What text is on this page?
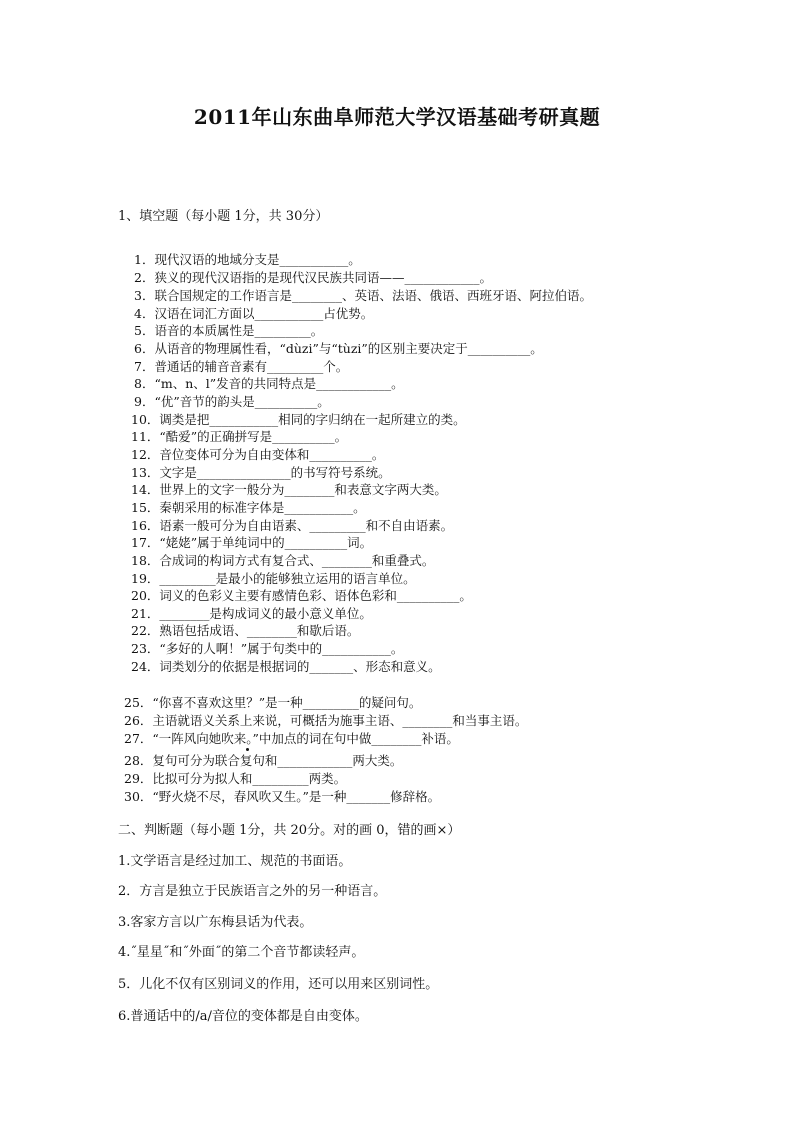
2011年山东曲阜师范大学汉语基础考研真题
1、填空题（每小题 1分，共 30分）
1．现代汉语的地域分支是___________。
2．狭义的现代汉语指的是现代汉民族共同语——____________。
3．联合国规定的工作语言是________、英语、法语、俄语、西班牙语、阿拉伯语。
4．汉语在词汇方面以___________占优势。
5．语音的本质属性是_________。
6．从语音的物理属性看，“dùzi”与“tùzi”的区别主要决定于__________。
7．普通话的辅音音素有_________个。
8．“m、n、l”发音的共同特点是____________。
9．“优”音节的韵头是__________。
10．调类是把___________相同的字归纳在一起所建立的类。
11．“酷爱”的正确拼写是__________。
12．音位变体可分为自由变体和__________。
13．文字是_______________的书写符号系统。
14．世界上的文字一般分为________和表意文字两大类。
15．秦朝采用的标准字体是___________。
16．语素一般可分为自由语素、_________和不自由语素。
17．“姥姥”属于单纯词中的__________词。
18．合成词的构词方式有复合式、________和重叠式。
19．_________是最小的能够独立运用的语言单位。
20．词义的色彩义主要有感情色彩、语体色彩和__________。
21．________是构成词义的最小意义单位。
22．熟语包括成语、________和歇后语。
23．“多好的人啊！”属于句类中的___________。
24．词类划分的依据是根据词的_______、形态和意义。
25．“你喜不喜欢这里？”是一种_________的疑问句。
26．主语就语义关系上来说，可概括为施事主语、________和当事主语。
27．“一阵风向她吹来。”中加点的词在句中做________补语。
28．复句可分为联合复句和____________两大类。
29．比拟可分为拟人和_________两类。
30．“野火烧不尽，春风吹又生。”是一种_______修辞格。
二、判断题（每小题 1分，共 20分。对的画 0，错的画×）
1.文学语言是经过加工、规范的书面语。
2．方言是独立于民族语言之外的另一种语言。
3.客家方言以广东梅县话为代表。
4.˝星星˝和˝外面˝的第二个音节都读轻声。
5．儿化不仅有区别词义的作用，还可以用来区别词性。
6.普通话中的/a/音位的变体都是自由变体。
